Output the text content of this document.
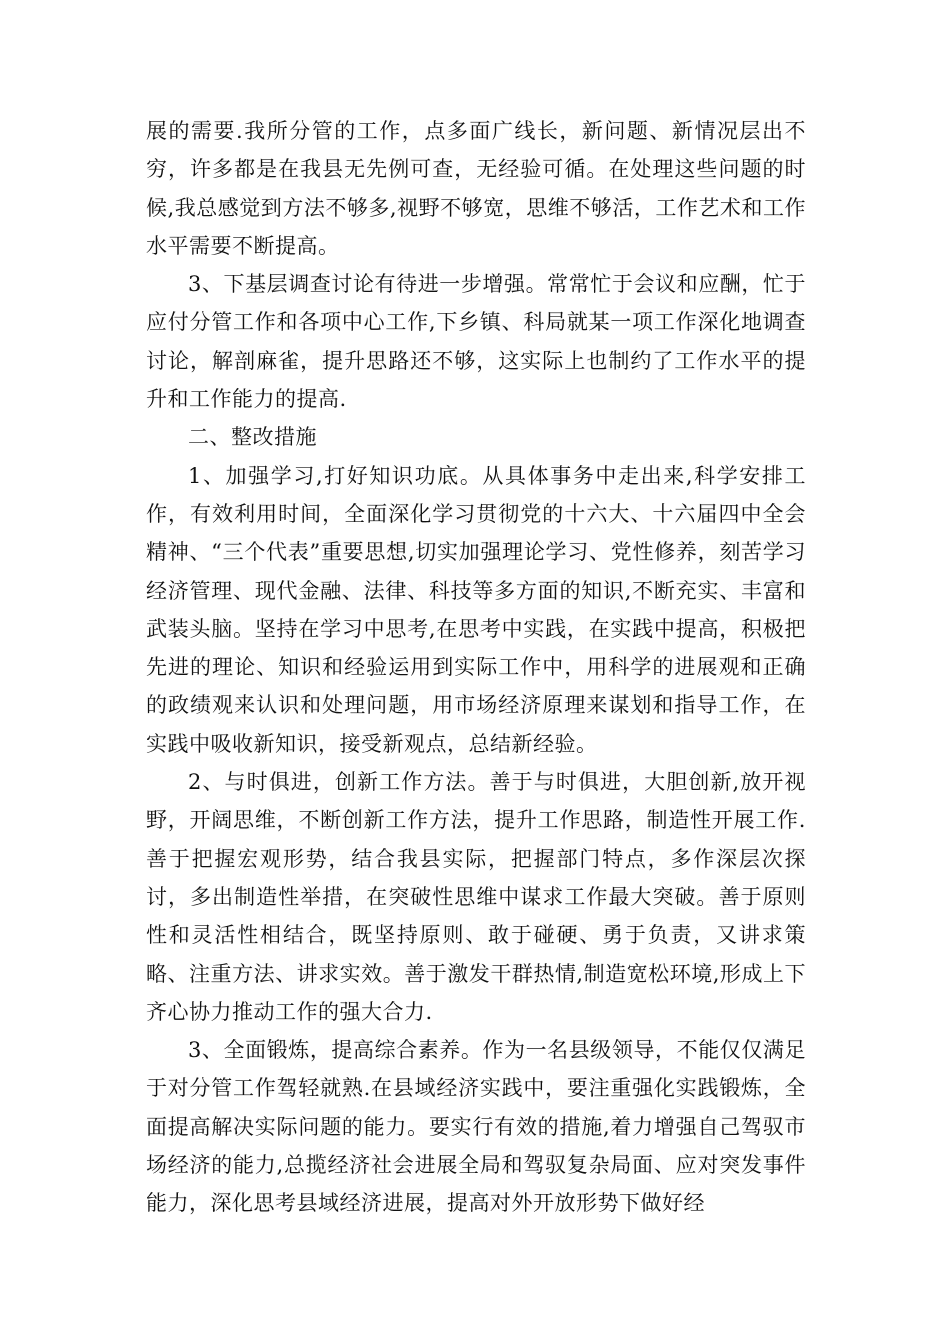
展的需要.我所分管的工作，点多面广线长，新问题、新情况层出不穷，许多都是在我县无先例可查，无经验可循。在处理这些问题的时候,我总感觉到方法不够多,视野不够宽，思维不够活，工作艺术和工作水平需要不断提高。

3、下基层调查讨论有待进一步增强。常常忙于会议和应酬，忙于应付分管工作和各项中心工作,下乡镇、科局就某一项工作深化地调查讨论，解剖麻雀，提升思路还不够，这实际上也制约了工作水平的提升和工作能力的提高.

二、整改措施

1、加强学习,打好知识功底。从具体事务中走出来,科学安排工作，有效利用时间，全面深化学习贯彻党的十六大、十六届四中全会精神、“三个代表”重要思想,切实加强理论学习、党性修养，刻苦学习经济管理、现代金融、法律、科技等多方面的知识,不断充实、丰富和武装头脑。坚持在学习中思考,在思考中实践，在实践中提高，积极把先进的理论、知识和经验运用到实际工作中，用科学的进展观和正确的政绩观来认识和处理问题，用市场经济原理来谋划和指导工作，在实践中吸收新知识，接受新观点，总结新经验。

2、与时俱进，创新工作方法。善于与时俱进，大胆创新,放开视野，开阔思维，不断创新工作方法，提升工作思路，制造性开展工作.善于把握宏观形势，结合我县实际，把握部门特点，多作深层次探讨，多出制造性举措，在突破性思维中谋求工作最大突破。善于原则性和灵活性相结合，既坚持原则、敢于碰硬、勇于负责，又讲求策略、注重方法、讲求实效。善于激发干群热情,制造宽松环境,形成上下齐心协力推动工作的强大合力.

3、全面锻炼，提高综合素养。作为一名县级领导，不能仅仅满足于对分管工作驾轻就熟.在县域经济实践中，要注重强化实践锻炼，全面提高解决实际问题的能力。要实行有效的措施,着力增强自己驾驭市场经济的能力,总揽经济社会进展全局和驾驭复杂局面、应对突发事件能力，深化思考县域经济进展，提高对外开放形势下做好经
